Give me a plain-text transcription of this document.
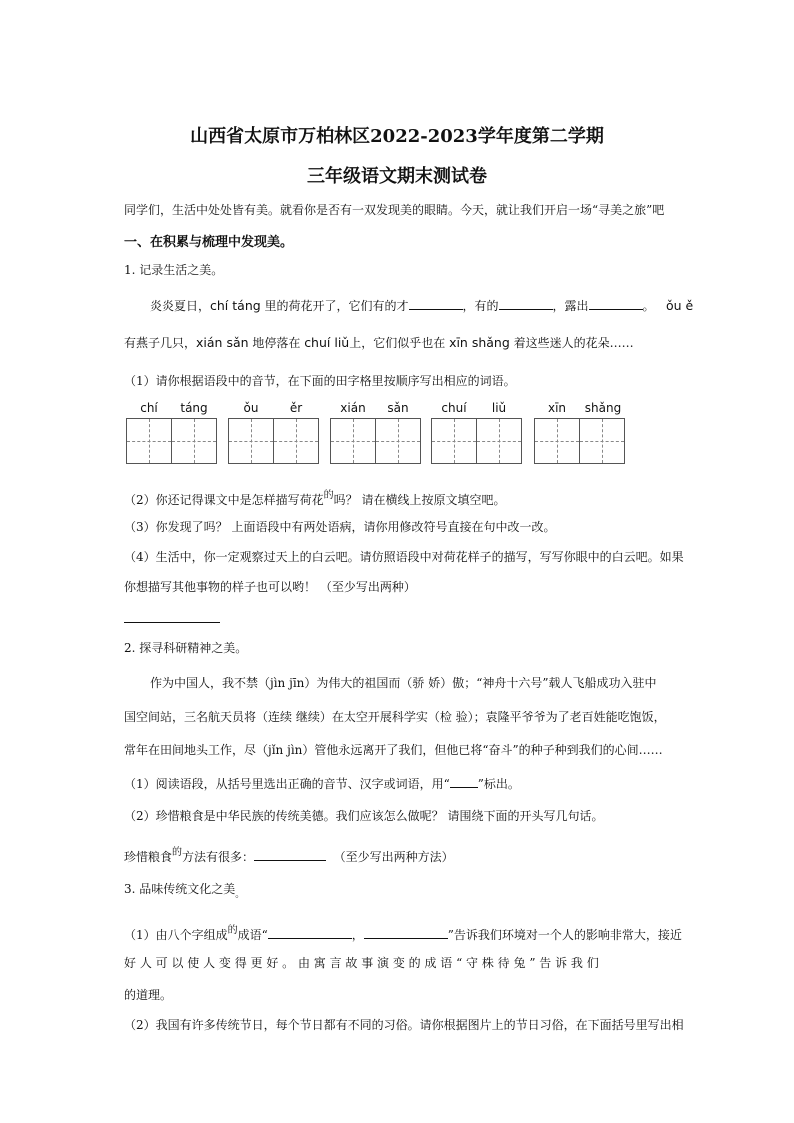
山西省太原市万柏林区2022-2023学年度第二学期
三年级语文期末测试卷
同学们，生活中处处皆有美。就看你是否有一双发现美的眼睛。今天，就让我们开启一场“寻美之旅”吧
一、在积累与梳理中发现美。
1. 记录生活之美。
炎炎夏日，chí táng 里的荷花开了，它们有的才	，有的	，露出	。 ǒu ě
有燕子几只，xián sǎn 地停落在 chuí liǔ上，它们似乎也在 xīn shǎng 着这些迷人的花朵……
（1）请你根据语段中的音节，在下面的田字格里按顺序写出相应的词语。
chí	táng	ǒu	ěr	xián	sǎn	chuí	liǔ	xīn	shǎng
（2）你还记得课文中是怎样描写荷花$^的$吗？ 请在横线上按原文填空吧。
（3）你发现了吗？ 上面语段中有两处语病，请你用修改符号直接在句中改一改。
（4）生活中，你一定观察过天上的白云吧。请仿照语段中对荷花样子的描写，写写你眼中的白云吧。如果
你想描写其他事物的样子也可以哟！ （至少写出两种）
2. 探寻科研精神之美。
作为中国人，我不禁（jìn jīn）为伟大的祖国而（骄 娇）傲；“神舟十六号”载人飞船成功入驻中
国空间站，三名航天员将（连续 继续）在太空开展科学实（检 验）；袁隆平爷爷为了老百姓能吃饱饭，
常年在田间地头工作，尽（jǐn jìn）管他永远离开了我们，但他已将“奋斗”的种子种到我们的心间……
（1）阅读语段，从括号里选出正确的音节、汉字或词语，用“ ”标出。
（2）珍惜粮食是中华民族的传统美德。我们应该怎么做呢？ 请围绕下面的开头写几句话。
珍惜粮食$^的$方法有很多：	（至少写出两种方法）
3. 品味传统文化之美$_。$
（1）由八个字组成$^的$成语“	，	”告诉我们环境对一个人的影响非常大，接近
好 人 可 以 使 人 变 得 更 好 。 由 寓 言 故 事 演 变 的 成 语 “ 守 株 待 兔 ” 告 诉 我 们
的道理。
（2）我国有许多传统节日，每个节日都有不同的习俗。请你根据图片上的节日习俗，在下面括号里写出相
